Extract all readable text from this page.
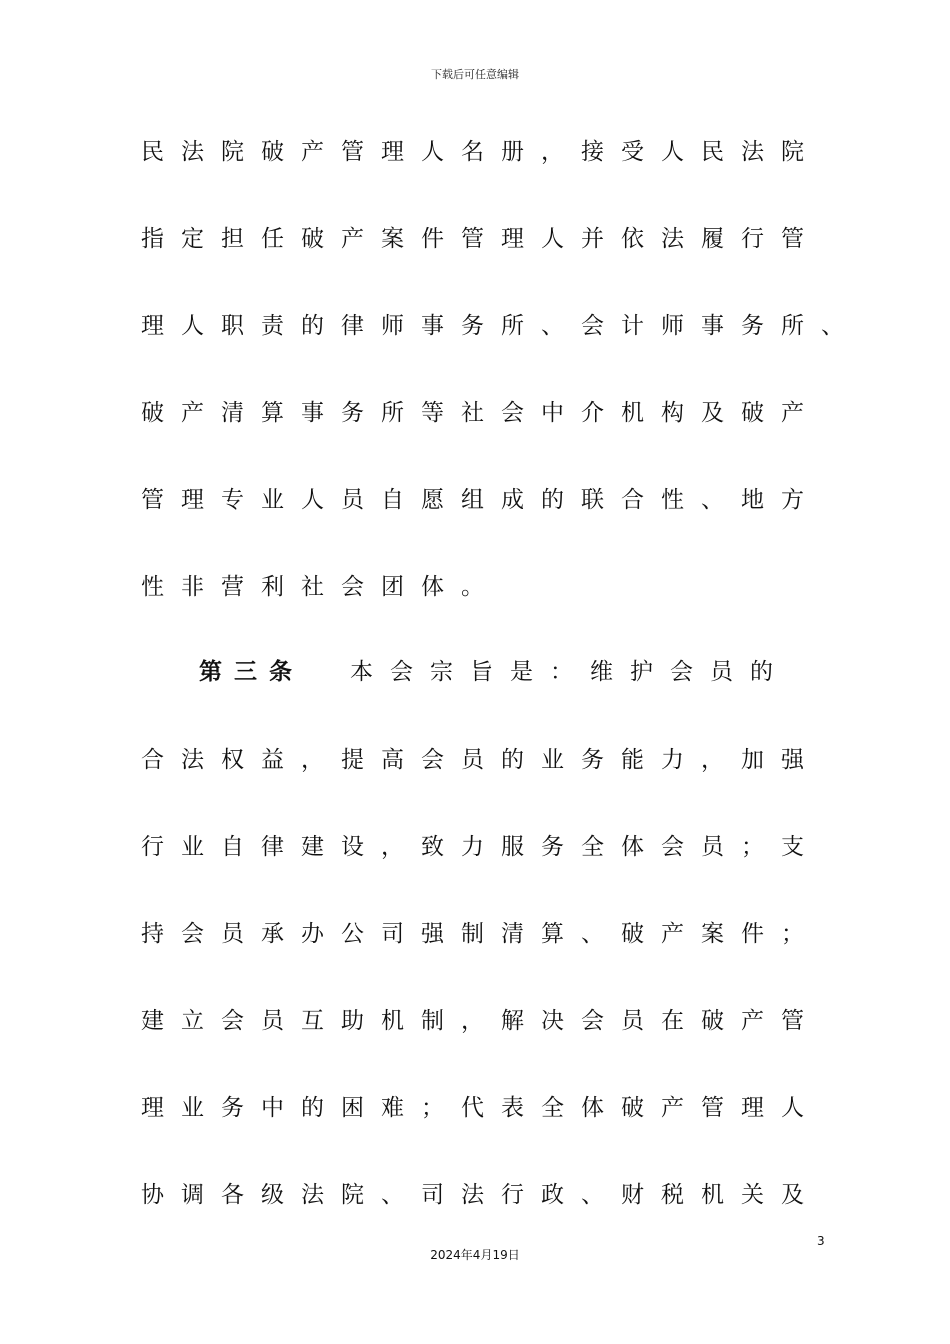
下载后可任意编辑
民法院破产管理人名册，接受人民法院
指定担任破产案件管理人并依法履行管
理人职责的律师事务所、会计师事务所、
破产清算事务所等社会中介机构及破产
管理专业人员自愿组成的联合性、地方
性非营利社会团体。
第三条 本会宗旨是：维护会员的
合法权益，提高会员的业务能力，加强
行业自律建设，致力服务全体会员；支
持会员承办公司强制清算、破产案件；
建立会员互助机制，解决会员在破产管
理业务中的困难；代表全体破产管理人
协调各级法院、司法行政、财税机关及
3
2024年4月19日
